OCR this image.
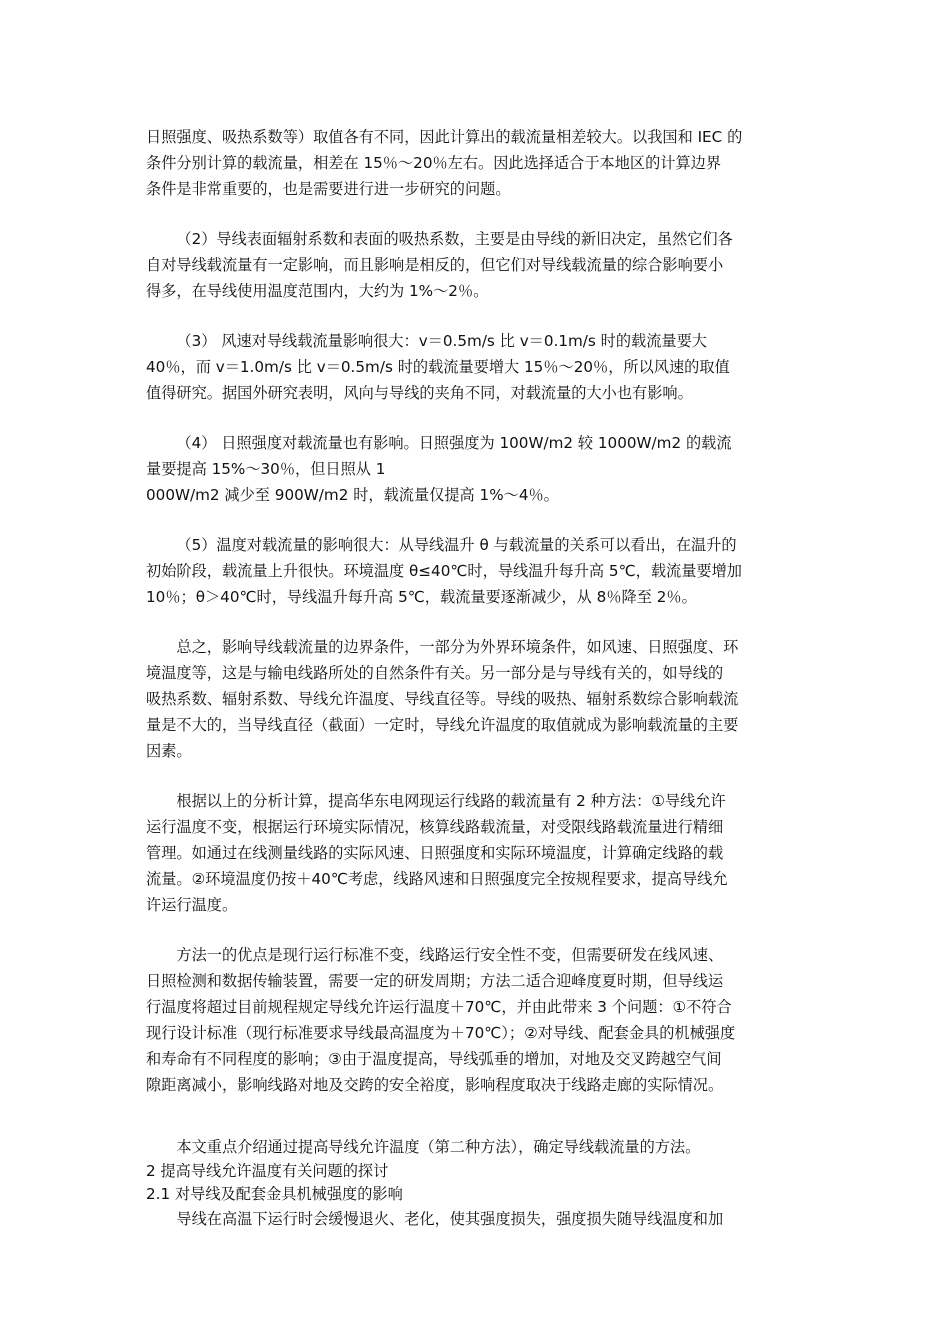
日照强度、吸热系数等）取值各有不同，因此计算出的载流量相差较大。以我国和 IEC 的
条件分别计算的载流量，相差在 15％～20％左右。因此选择适合于本地区的计算边界
条件是非常重要的，也是需要进行进一步研究的问题。

（2）导线表面辐射系数和表面的吸热系数，主要是由导线的新旧决定，虽然它们各
自对导线载流量有一定影响，而且影响是相反的，但它们对导线载流量的综合影响要小
得多，在导线使用温度范围内，大约为 1%～2％。

（3） 风速对导线载流量影响很大：v＝0.5m/s 比 v＝0.1m/s 时的载流量要大
40％，而 v＝1.0m/s 比 v＝0.5m/s 时的载流量要增大 15％～20％，所以风速的取值
值得研究。据国外研究表明，风向与导线的夹角不同，对载流量的大小也有影响。

（4） 日照强度对载流量也有影响。日照强度为 100W/m2 较 1000W/m2 的载流
量要提高 15%～30％，但日照从 1
000W/m2 减少至 900W/m2 时，载流量仅提高 1%～4％。

（5）温度对载流量的影响很大：从导线温升 θ 与载流量的关系可以看出，在温升的
初始阶段，载流量上升很快。环境温度 θ≤40℃时，导线温升每升高 5℃，载流量要增加
10％；θ＞40℃时，导线温升每升高 5℃，载流量要逐渐减少，从 8％降至 2％。

总之，影响导线载流量的边界条件，一部分为外界环境条件，如风速、日照强度、环
境温度等，这是与输电线路所处的自然条件有关。另一部分是与导线有关的，如导线的
吸热系数、辐射系数、导线允许温度、导线直径等。导线的吸热、辐射系数综合影响载流
量是不大的，当导线直径（截面）一定时，导线允许温度的取值就成为影响载流量的主要
因素。

根据以上的分析计算，提高华东电网现运行线路的载流量有 2 种方法：①导线允许
运行温度不变，根据运行环境实际情况，核算线路载流量，对受限线路载流量进行精细
管理。如通过在线测量线路的实际风速、日照强度和实际环境温度，计算确定线路的载
流量。②环境温度仍按＋40℃考虑，线路风速和日照强度完全按规程要求，提高导线允
许运行温度。

方法一的优点是现行运行标准不变，线路运行安全性不变，但需要研发在线风速、
日照检测和数据传输装置，需要一定的研发周期；方法二适合迎峰度夏时期，但导线运
行温度将超过目前规程规定导线允许运行温度＋70℃，并由此带来 3 个问题：①不符合
现行设计标准（现行标准要求导线最高温度为＋70℃）；②对导线、配套金具的机械强度
和寿命有不同程度的影响；③由于温度提高，导线弧垂的增加，对地及交叉跨越空气间
隙距离减小，影响线路对地及交跨的安全裕度，影响程度取决于线路走廊的实际情况。

本文重点介绍通过提高导线允许温度（第二种方法），确定导线载流量的方法。

2 提高导线允许温度有关问题的探讨

2.1 对导线及配套金具机械强度的影响

导线在高温下运行时会缓慢退火、老化，使其强度损失，强度损失随导线温度和加
